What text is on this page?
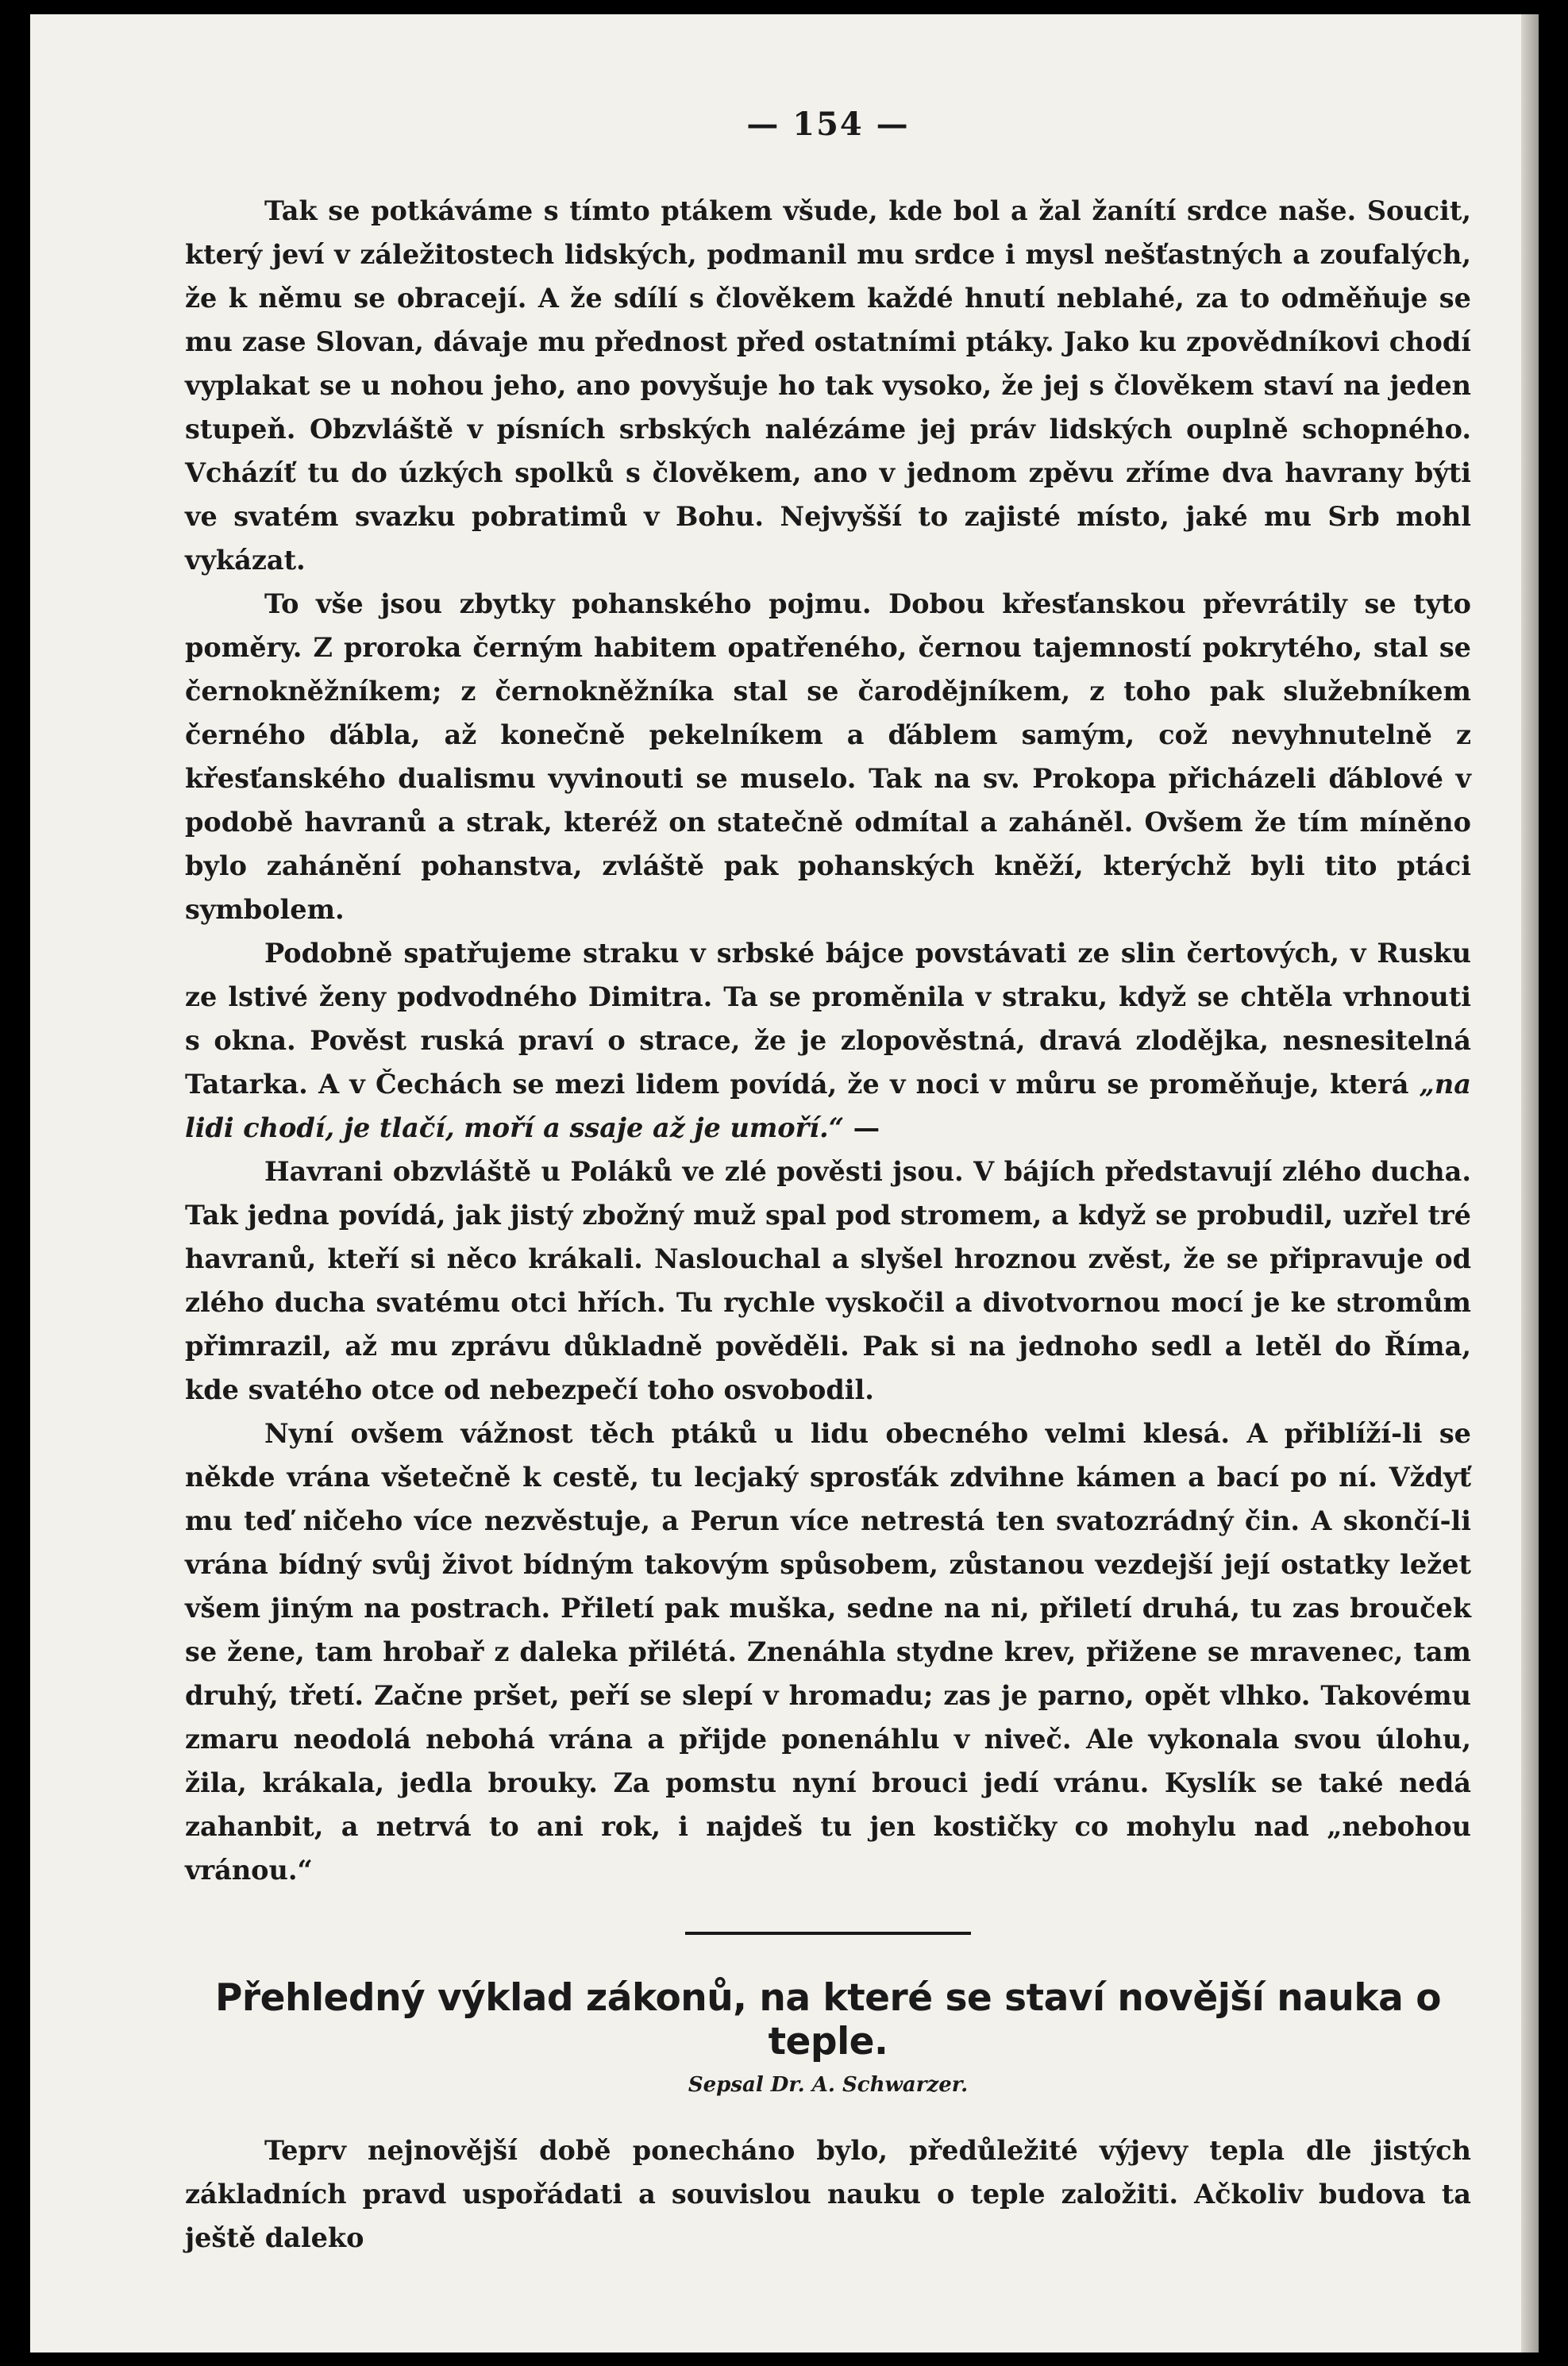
— 154 —

Tak se potkáváme s tímto ptákem všude, kde bol a žal žanítí srdce naše. Soucit, který jeví v záležitostech lidských, podmanil mu srdce i mysl nešťastných a zoufalých, že k němu se obracejí. A že sdílí s člověkem každé hnutí neblahé, za to odměňuje se mu zase Slovan, dávaje mu přednost před ostatními ptáky. Jako ku zpovědníkovi chodí vyplakat se u nohou jeho, ano povyšuje ho tak vysoko, že jej s člověkem staví na jeden stupeň. Obzvláště v písních srbských nalézáme jej práv lidských ouplně schopného. Vcházíť tu do úzkých spolků s člověkem, ano v jednom zpěvu zříme dva havrany býti ve svatém svazku pobratimů v Bohu. Nejvyšší to zajisté místo, jaké mu Srb mohl vykázat.

To vše jsou zbytky pohanského pojmu. Dobou křesťanskou převrátily se tyto poměry. Z proroka černým habitem opatřeného, černou tajemností pokrytého, stal se černokněžníkem; z černokněžníka stal se čarodějníkem, z toho pak služebníkem černého ďábla, až konečně pekelníkem a ďáblem samým, což nevyhnutelně z křesťanského dualismu vyvinouti se muselo. Tak na sv. Prokopa přicházeli ďáblové v podobě havranů a strak, kteréž on statečně odmítal a zaháněl. Ovšem že tím míněno bylo zahánění pohanstva, zvláště pak pohanských kněží, kterýchž byli tito ptáci symbolem.

Podobně spatřujeme straku v srbské bájce povstávati ze slin čertových, v Rusku ze lstivé ženy podvodného Dimitra. Ta se proměnila v straku, když se chtěla vrhnouti s okna. Pověst ruská praví o strace, že je zlopověstná, dravá zlodějka, nesnesitelná Tatarka. A v Čechách se mezi lidem povídá, že v noci v můru se proměňuje, která „na lidi chodí, je tlačí, moří a ssaje až je umoří.“ —

Havrani obzvláště u Poláků ve zlé pověsti jsou. V bájích představují zlého ducha. Tak jedna povídá, jak jistý zbožný muž spal pod stromem, a když se probudil, uzřel tré havranů, kteří si něco krákali. Naslouchal a slyšel hroznou zvěst, že se připravuje od zlého ducha svatému otci hřích. Tu rychle vyskočil a divotvornou mocí je ke stromům přimrazil, až mu zprávu důkladně pověděli. Pak si na jednoho sedl a letěl do Říma, kde svatého otce od nebezpečí toho osvobodil.

Nyní ovšem vážnost těch ptáků u lidu obecného velmi klesá. A přiblíží-li se někde vrána všetečně k cestě, tu lecjaký sprosťák zdvihne kámen a bací po ní. Vždyť mu teď ničeho více nezvěstuje, a Perun více netrestá ten svatozrádný čin. A skončí-li vrána bídný svůj život bídným takovým spůsobem, zůstanou vezdejší její ostatky ležet všem jiným na postrach. Přiletí pak muška, sedne na ni, přiletí druhá, tu zas brouček se žene, tam hrobař z daleka přilétá. Znenáhla stydne krev, přižene se mravenec, tam druhý, třetí. Začne pršet, peří se slepí v hromadu; zas je parno, opět vlhko. Takovému zmaru neodolá nebohá vrána a přijde ponenáhlu v niveč. Ale vykonala svou úlohu, žila, krákala, jedla brouky. Za pomstu nyní brouci jedí vránu. Kyslík se také nedá zahanbit, a netrvá to ani rok, i najdeš tu jen kostičky co mohylu nad „nebohou vránou.“

Přehledný výklad zákonů, na které se staví novější nauka o teple.
Sepsal Dr. A. Schwarzer.

Teprv nejnovější době ponecháno bylo, předůležité výjevy tepla dle jistých základních pravd uspořádati a souvislou nauku o teple založiti. Ačkoliv budova ta ještě daleko
